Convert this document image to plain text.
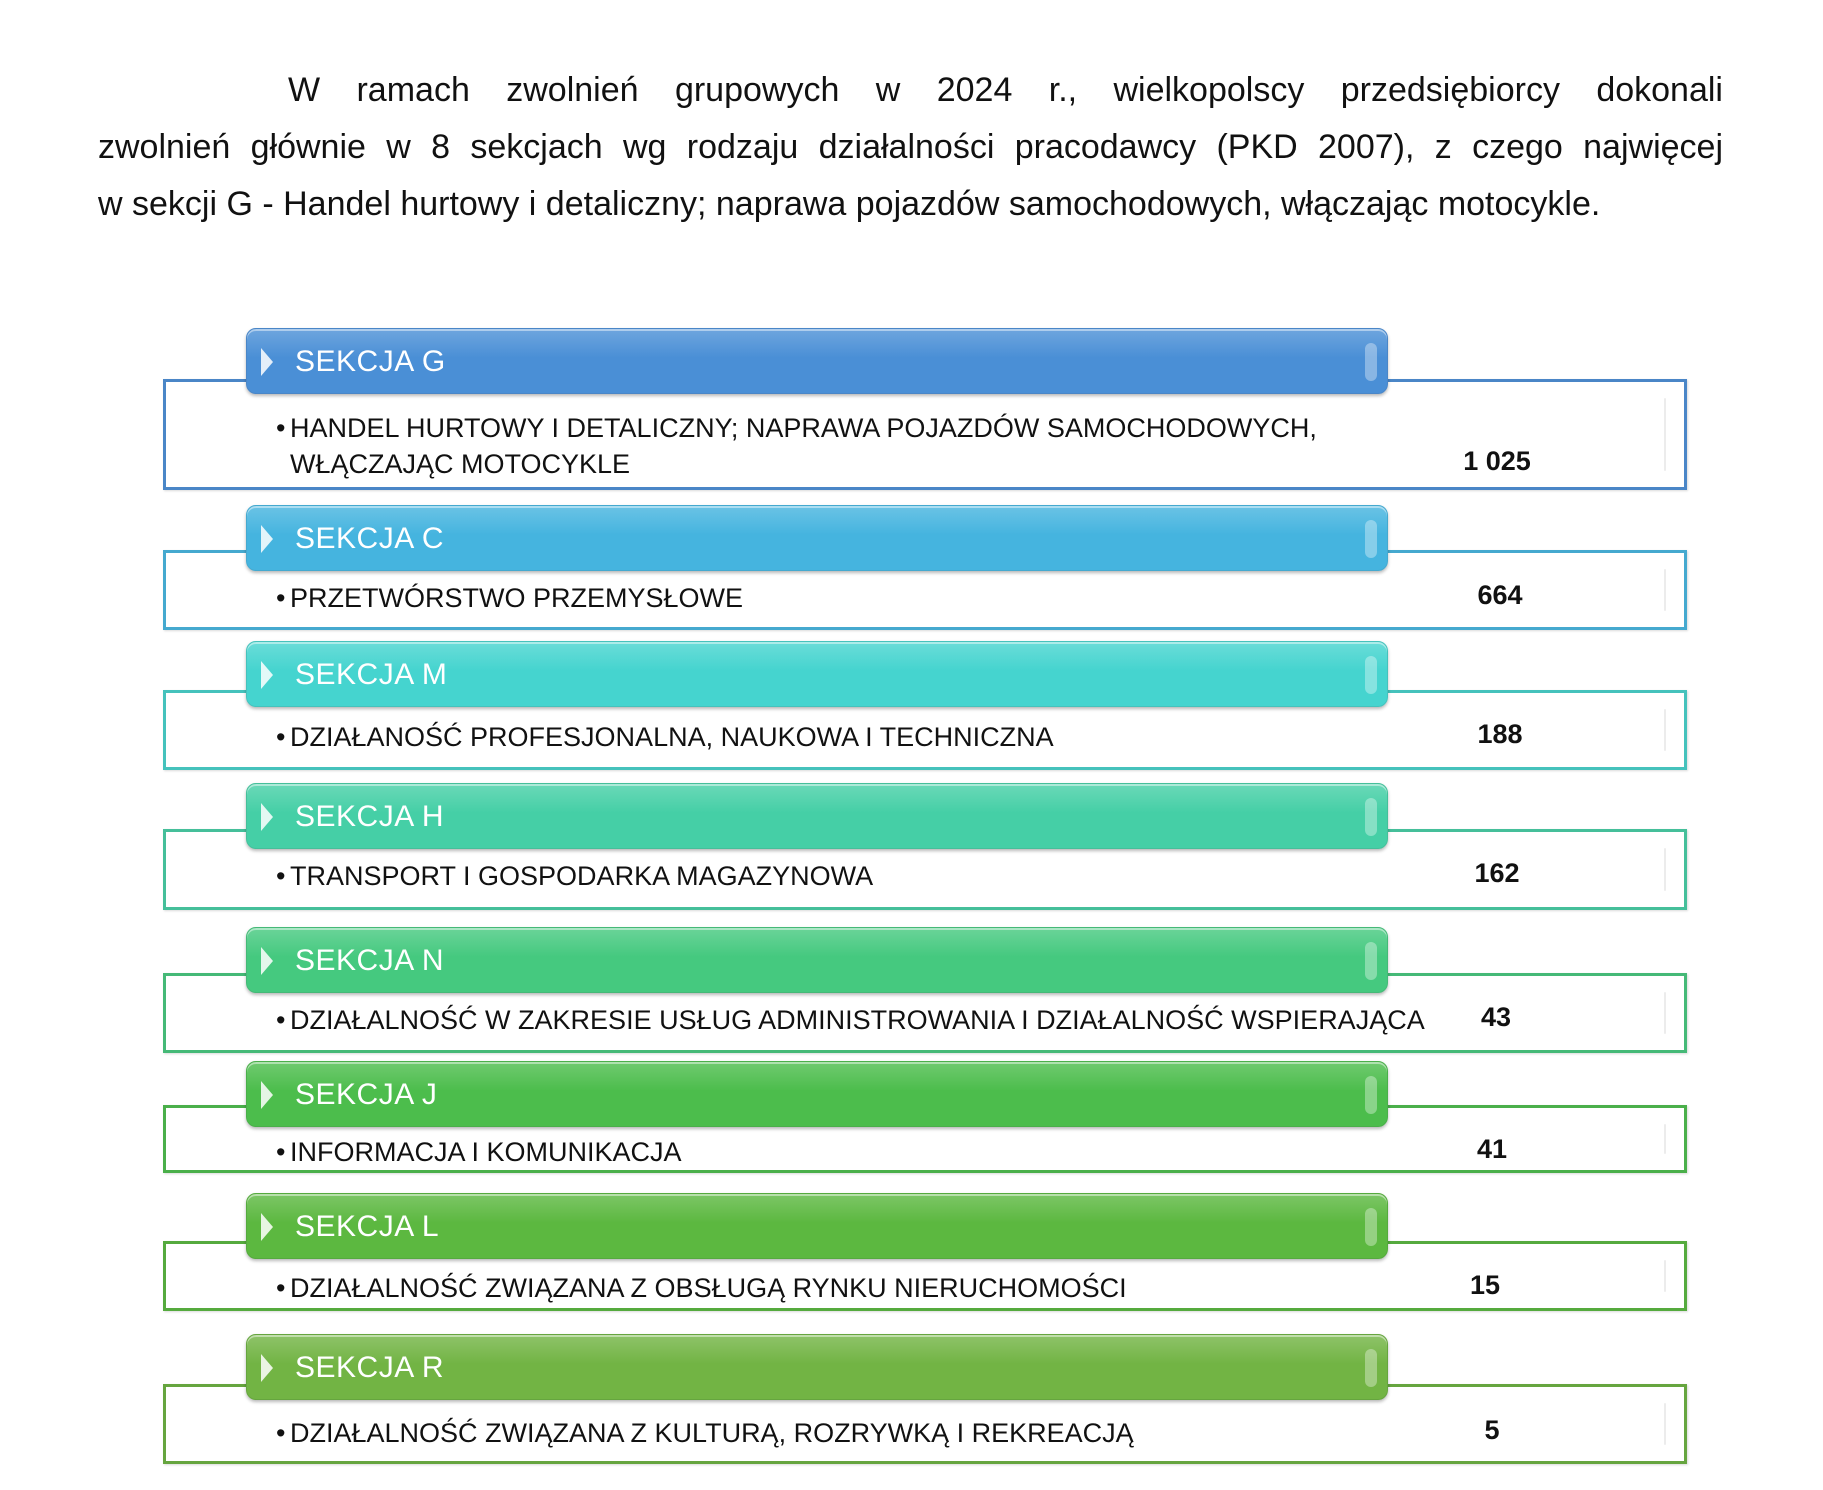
W ramach zwolnień grupowych w 2024 r., wielkopolscy przedsiębiorcy dokonali
zwolnień głównie w 8 sekcjach wg rodzaju działalności pracodawcy (PKD 2007), z czego najwięcej
w sekcji G - Handel hurtowy i detaliczny; naprawa pojazdów samochodowych, włączając motocykle.
SEKCJA G
• HANDEL HURTOWY I DETALICZNY; NAPRAWA POJAZDÓW SAMOCHODOWYCH,
WŁĄCZAJĄC MOTOCYKLE	1 025
SEKCJA C
• PRZETWÓRSTWO PRZEMYSŁOWE	664
SEKCJA M
• DZIAŁANOŚĆ PROFESJONALNA, NAUKOWA I TECHNICZNA	188
SEKCJA H
• TRANSPORT I GOSPODARKA MAGAZYNOWA	162
SEKCJA N
• DZIAŁALNOŚĆ W ZAKRESIE USŁUG ADMINISTROWANIA I DZIAŁALNOŚĆ WSPIERAJĄCA	43
SEKCJA J
• INFORMACJA I KOMUNIKACJA	41
SEKCJA L
• DZIAŁALNOŚĆ ZWIĄZANA Z OBSŁUGĄ RYNKU NIERUCHOMOŚCI	15
SEKCJA R
• DZIAŁALNOŚĆ ZWIĄZANA Z KULTURĄ, ROZRYWKĄ I REKREACJĄ	5
